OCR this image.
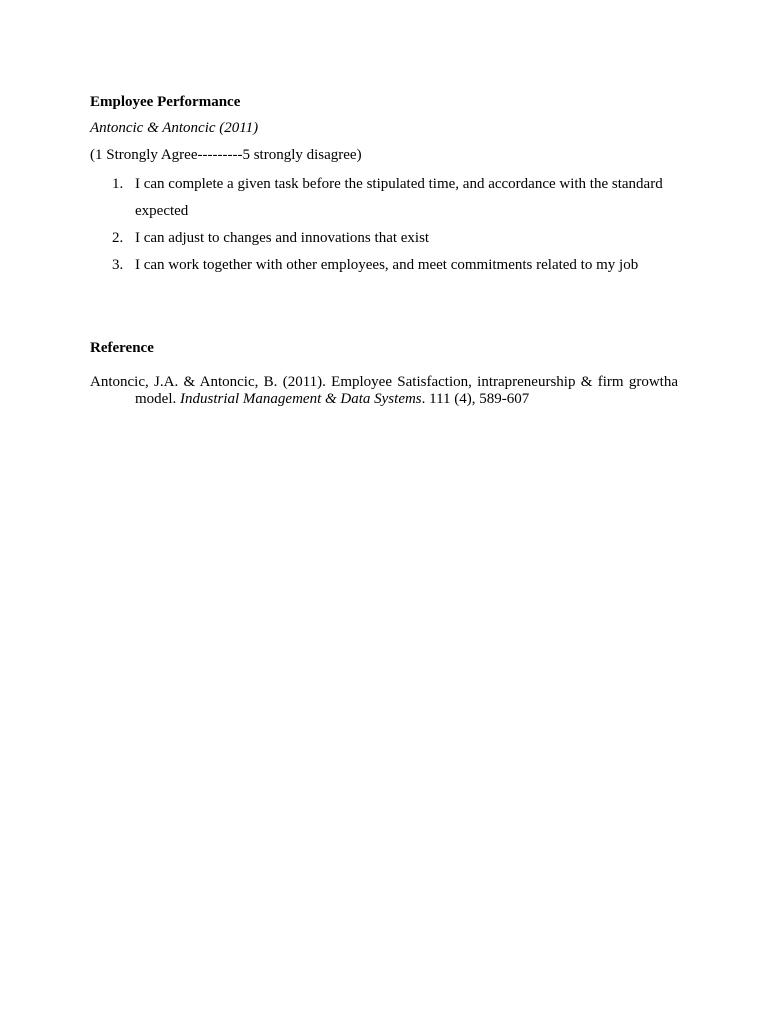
Employee Performance
Antoncic & Antoncic (2011)
(1 Strongly Agree---------5 strongly disagree)
1. I can complete a given task before the stipulated time, and accordance with the standard expected
2. I can adjust to changes and innovations that exist
3. I can work together with other employees, and meet commitments related to my job
Reference
Antoncic, J.A. & Antoncic, B. (2011). Employee Satisfaction, intrapreneurship & firm growtha model. Industrial Management & Data Systems. 111 (4), 589-607
